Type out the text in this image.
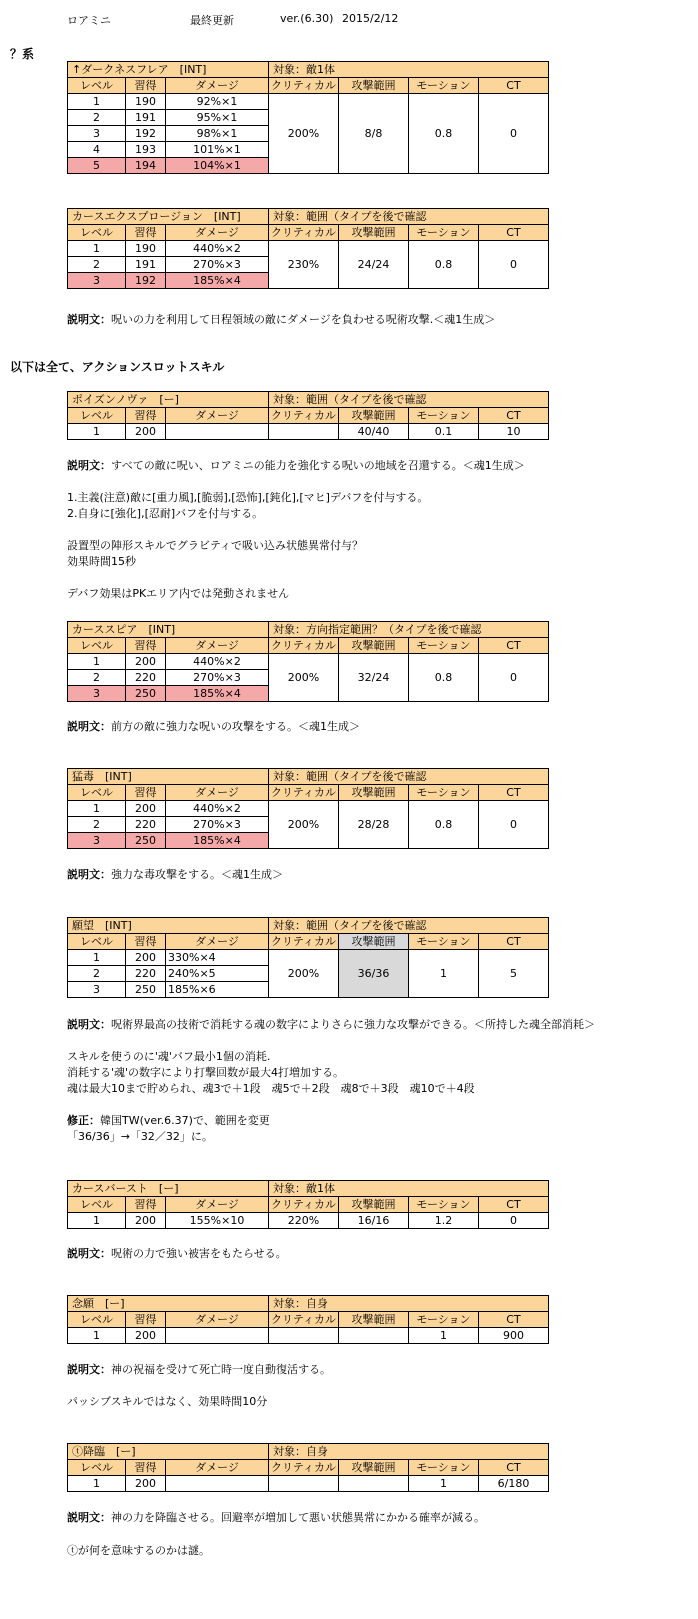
ロアミニ	最終更新	ver.(6.30) 2015/2/12
？系
↑ダークネスフレア　[INT]			対象：敵1体			
レベル	習得	ダメージ	クリティカル	攻撃範囲	モーション	CT
1	190	92%×1	200%	8/8	0.8	0
2	191	95%×1				
3	192	98%×1				
4	193	101%×1				
5	194	104%×1				
カースエクスプロージョン　[INT]			対象：範囲（タイプを後で確認			
レベル	習得	ダメージ	クリティカル	攻撃範囲	モーション	CT
1	190	440%×2	230%	24/24	0.8	0
2	191	270%×3				
3	192	185%×4				
説明文：呪いの力を利用して日程領域の敵にダメージを負わせる呪術攻撃.＜魂1生成＞
以下は全て、アクションスロットスキル
ポイズンノヴァ　[ー]			対象：範囲（タイプを後で確認			
レベル	習得	ダメージ	クリティカル	攻撃範囲	モーション	CT
1	200			40/40	0.1	10
説明文：すべての敵に呪い、ロアミニの能力を強化する呪いの地域を召還する。＜魂1生成＞
1.主義(注意)敵に[重力風],[脆弱],[恐怖],[鈍化],[マヒ]デバフを付与する。
2.自身に[強化],[忍耐]バフを付与する。
設置型の陣形スキルでグラビティで吸い込み状態異常付与？
効果時間15秒
デバフ効果はPKエリア内では発動されません
カーススピア　[INT]			対象：方向指定範囲？（タイプを後で確認			
レベル	習得	ダメージ	クリティカル	攻撃範囲	モーション	CT
1	200	440%×2	200%	32/24	0.8	0
2	220	270%×3				
3	250	185%×4				
説明文：前方の敵に強力な呪いの攻撃をする。＜魂1生成＞
猛毒　[INT]			対象：範囲（タイプを後で確認			
レベル	習得	ダメージ	クリティカル	攻撃範囲	モーション	CT
1	200	440%×2	200%	28/28	0.8	0
2	220	270%×3				
3	250	185%×4				
説明文：強力な毒攻撃をする。＜魂1生成＞
願望　[INT]			対象：範囲（タイプを後で確認			
レベル	習得	ダメージ	クリティカル	攻撃範囲	モーション	CT
1	200	330%×4	200%	36/36	1	5
2	220	240%×5				
3	250	185%×6				
説明文：呪術界最高の技術で消耗する魂の数字によりさらに強力な攻撃ができる。＜所持した魂全部消耗＞
スキルを使うのに'魂'バフ最小1個の消耗.
消耗する'魂'の数字により打撃回数が最大4打増加する。
魂は最大10まで貯められ、魂3で＋1段　魂5で＋2段　魂8で＋3段　魂10で＋4段
修正：韓国TW(ver.6.37)で、範囲を変更
「36/36」→「32／32」に。
カースバースト　[ー]			対象：敵1体			
レベル	習得	ダメージ	クリティカル	攻撃範囲	モーション	CT
1	200	155%×10	220%	16/16	1.2	0
説明文：呪術の力で強い被害をもたらせる。
念願　[ー]			対象：自身			
レベル	習得	ダメージ	クリティカル	攻撃範囲	モーション	CT
1	200				1	900
説明文：神の祝福を受けて死亡時一度自動復活する。
パッシブスキルではなく、効果時間10分
ⓣ降臨　[ー]			対象：自身			
レベル	習得	ダメージ	クリティカル	攻撃範囲	モーション	CT
1	200				1	6/180
説明文：神の力を降臨させる。回避率が増加して悪い状態異常にかかる確率が減る。
ⓣが何を意味するのかは謎。
